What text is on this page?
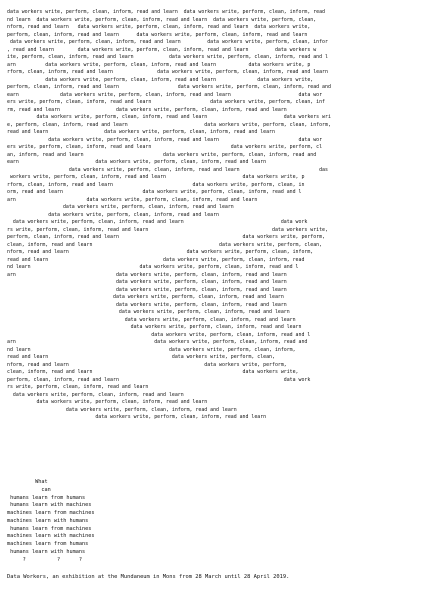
data workers write, perform, clean, inform, read and learn  data workers write, perform, clean, inform, read
nd learn  data workers write, perform, clean, inform, read and learn  data workers write, perform, clean,
nform, read and learn   data workers write, perform, clean, inform, read and learn  data workers write,
perform, clean, inform, read and learn      data workers write, perform, clean, inform, read and learn
data workers write, perform, clean, inform, read and learn         data workers write, perform, clean, infor
, read and learn        data workers write, perform, clean, inform, read and learn         data workers w
ite, perform, clean, inform, read and learn            data workers write, perform, clean, inform, read and l
arn          data workers write, perform, clean, inform, read and learn           data workers write, p
rform, clean, inform, read and learn               data workers write, perform, clean, inform, read and learn
data workers write, perform, clean, inform, read and learn              data workers write,
perform, clean, inform, read and learn                    data workers write, perform, clean, inform, read and
earn              data workers write, perform, clean, inform, read and learn                       data wor
ers write, perform, clean, inform, read and learn                    data workers write, perform, clean, inf
rm, read and learn                   data workers write, perform, clean, inform, read and learn
data workers write, perform, clean, inform, read and learn                          data workers wri
e, perform, clean, inform, read and learn                          data workers write, perform, clean, inform,
read and learn                   data workers write, perform, clean, inform, read and learn
data workers write, perform, clean, inform, read and learn                           data wor
ers write, perform, clean, inform, read and learn                           data workers write, perform, cl
an, inform, read and learn                           data workers write, perform, clean, inform, read and
earn                          data workers write, perform, clean, inform, read and learn
data workers write, perform, clean, inform, read and learn                           das
workers write, perform, clean, inform, read and learn                          data workers write, p
rform, clean, inform, read and learn                           data workers write, perform, clean, in
orm, read and learn                           data workers write, perform, clean, inform, read and l
arn                        data workers write, perform, clean, inform, read and learn
data workers write, perform, clean, inform, read and learn
data workers write, perform, clean, inform, read and learn
data workers write, perform, clean, inform, read and learn                                 data work
rs write, perform, clean, inform, read and learn                                          data workers write,
perform, clean, inform, read and learn                                          data workers write, perform,
clean, inform, read and learn                                           data workers write, perform, clean,
nform, read and learn                                        data workers write, perform, clean, inform,
read and learn                                       data workers write, perform, clean, inform, read
nd learn                                     data workers write, perform, clean, inform, read and l
arn                                  data workers write, perform, clean, inform, read and learn
data workers write, perform, clean, inform, read and learn
data workers write, perform, clean, inform, read and learn
data workers write, perform, clean, inform, read and learn
data workers write, perform, clean, inform, read and learn
data workers write, perform, clean, inform, read and learn
data workers write, perform, clean, inform, read and learn
data workers write, perform, clean, inform, read and learn
data workers write, perform, clean, inform, read and l
arn                                               data workers write, perform, clean, inform, read and
nd learn                                               data workers write, perform, clean, inform,
read and learn                                          data workers write, perform, clean,
nform, read and learn                                              data workers write, perform,
clean, inform, read and learn                                                   data workers write,
perform, clean, inform, read and learn                                                        data work
rs write, perform, clean, inform, read and learn
data workers write, perform, clean, inform, read and learn
data workers write, perform, clean, inform, read and learn
data workers write, perform, clean, inform, read and learn
data workers write, perform, clean, inform, read and learn
What
can
humans learn from humans
humans learn with machines
machines learn from machines
machines learn with humans
humans learn from machines
machines learn with machines
machines learn from humans
humans learn with humans
?          ?      ?
Data Workers, an exhibition at the Mundaneum in Mons from 28 March until 28 April 2019.
